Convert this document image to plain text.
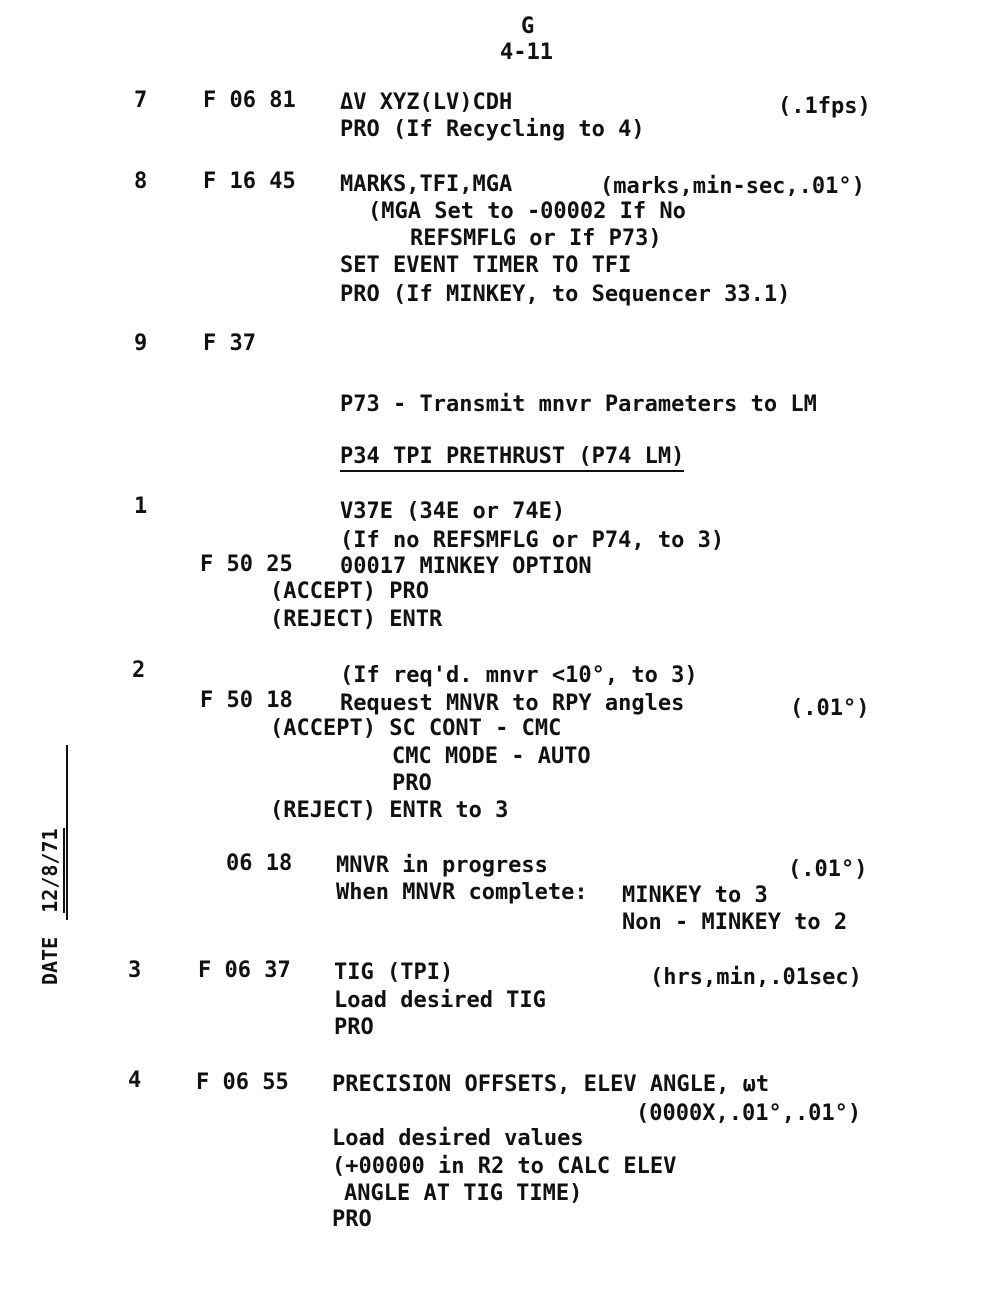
G
4-11
DATE  12/8/71
7	F 06 81 ΔV XYZ(LV)CDH	(.1fps)
PRO (If Recycling to 4)
8	F 16 45 MARKS,TFI,MGA	(marks,min-sec,.01°)
(MGA Set to -00002 If No
REFSMFLG or If P73)
SET EVENT TIMER TO TFI
PRO (If MINKEY, to Sequencer 33.1)
9	F 37
P73 - Transmit mnvr Parameters to LM
P34 TPI PRETHRUST (P74 LM)
1	V37E (34E or 74E)
(If no REFSMFLG or P74, to 3)
F 50 25 00017 MINKEY OPTION
(ACCEPT) PRO
(REJECT) ENTR
2	(If req'd. mnvr <10°, to 3)
F 50 18 Request MNVR to RPY angles	(.01°)
(ACCEPT) SC CONT - CMC
CMC MODE - AUTO
PRO
(REJECT) ENTR to 3
06 18 MNVR in progress	(.01°)
When MNVR complete: MINKEY to 3
Non - MINKEY to 2
3	F 06 37 TIG (TPI)	(hrs,min,.01sec)
Load desired TIG
PRO
4 F 06 55 PRECISION OFFSETS, ELEV ANGLE, ωt
(0000X,.01°,.01°)
Load desired values
(+00000 in R2 to CALC ELEV
ANGLE AT TIG TIME)
PRO
